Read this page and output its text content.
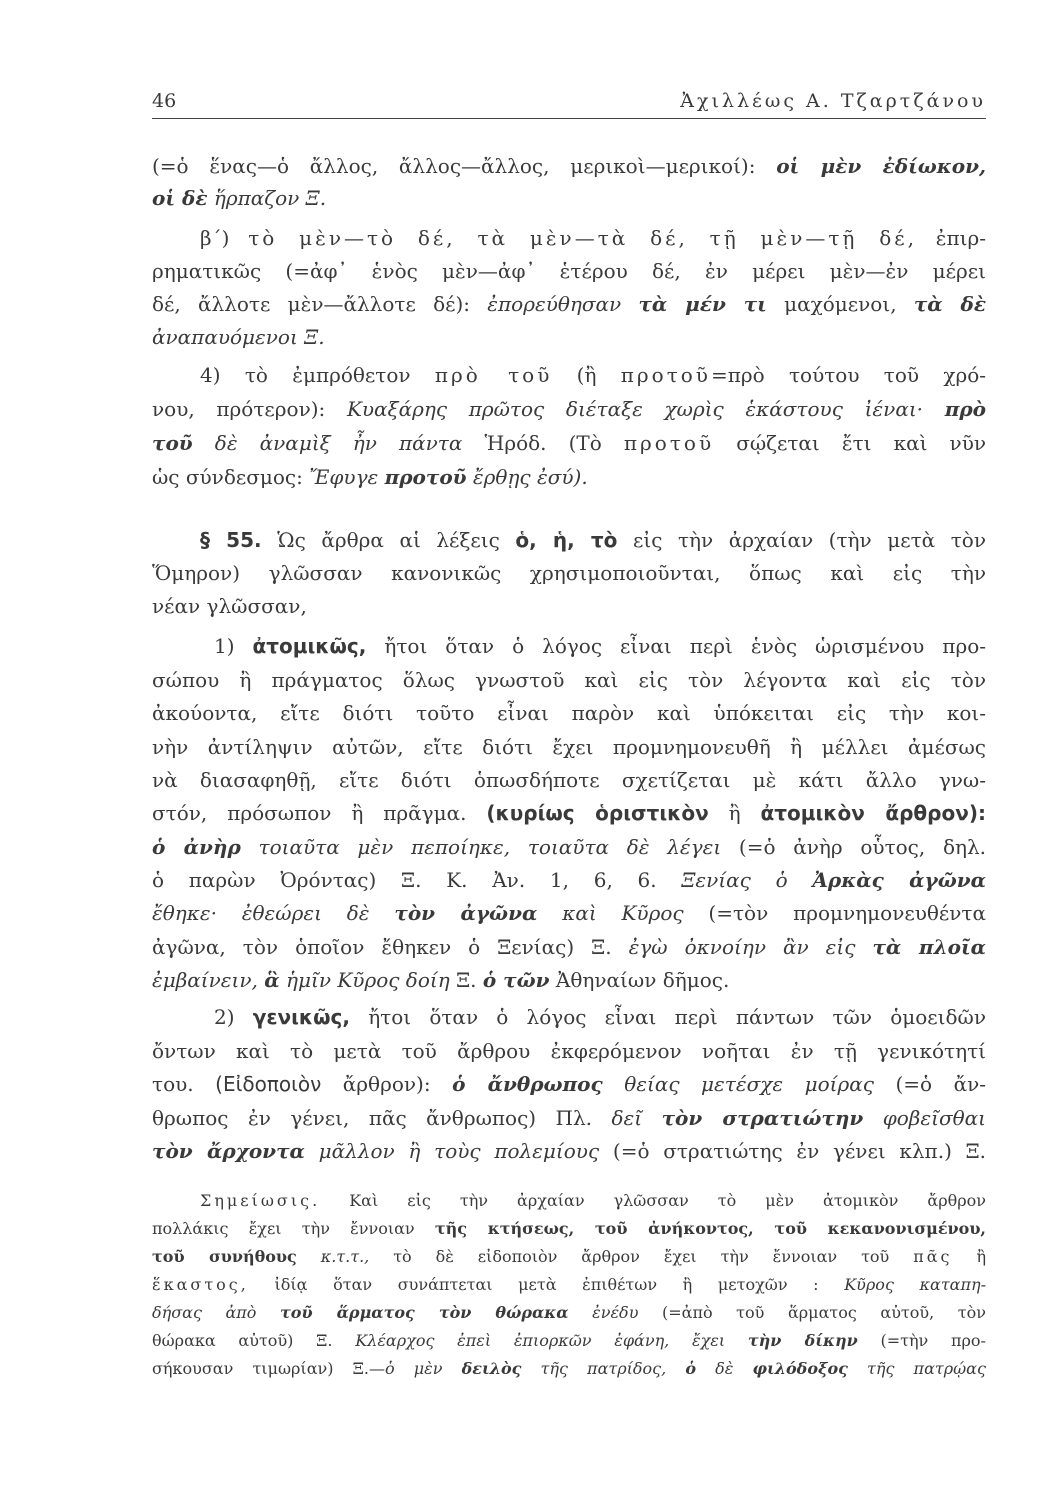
46	Ἀχιλλέως Α. Τζαρτζάνου
(=ὁ ἕνας—ὁ ἄλλος, ἄλλος—ἄλλος, μερικοὶ—μερικοί): οἱ μὲν ἐδίωκον,
οἱ δὲ ἥρπαζον Ξ.
β΄) τὸ μὲν—τὸ δέ, τὰ μὲν—τὰ δέ, τῇ μὲν—τῇ δέ, ἐπιρ-
ρηματικῶς (=ἀφ᾽ ἑνὸς μὲν—ἀφ᾽ ἑτέρου δέ, ἐν μέρει μὲν—ἐν μέρει
δέ, ἄλλοτε μὲν—ἄλλοτε δέ): ἐπορεύθησαν τὰ μέν τι μαχόμενοι, τὰ δὲ
ἀναπαυόμενοι Ξ.
4) τὸ ἐμπρόθετον πρὸ τοῦ (ἢ προτοῦ=πρὸ τούτου τοῦ χρό-
νου, πρότερον): Κυαξάρης πρῶτος διέταξε χωρὶς ἑκάστους ἰέναι· πρὸ
τοῦ δὲ ἀναμὶξ ἦν πάντα Ἡρόδ. (Τὸ προτοῦ σῴζεται ἔτι καὶ νῦν
ὡς σύνδεσμος: Ἔφυγε προτοῦ ἔρθῃς ἐσύ).
§ 55. Ὡς ἄρθρα αἱ λέξεις ὁ, ἡ, τὸ εἰς τὴν ἀρχαίαν (τὴν μετὰ τὸν
Ὅμηρον) γλῶσσαν κανονικῶς χρησιμοποιοῦνται, ὅπως καὶ εἰς τὴν
νέαν γλῶσσαν,
1) ἀτομικῶς, ἤτοι ὅταν ὁ λόγος εἶναι περὶ ἑνὸς ὡρισμένου προ-
σώπου ἢ πράγματος ὅλως γνωστοῦ καὶ εἰς τὸν λέγοντα καὶ εἰς τὸν
ἀκούοντα, εἴτε διότι τοῦτο εἶναι παρὸν καὶ ὑπόκειται εἰς τὴν κοι-
νὴν ἀντίληψιν αὐτῶν, εἴτε διότι ἔχει προμνημονευθῆ ἢ μέλλει ἀμέσως
νὰ διασαφηθῇ, εἴτε διότι ὁπωσδήποτε σχετίζεται μὲ κάτι ἄλλο γνω-
στόν, πρόσωπον ἢ πρᾶγμα. (κυρίως ὁριστικὸν ἢ ἀτομικὸν ἄρθρον):
ὁ ἀνὴρ τοιαῦτα μὲν πεποίηκε, τοιαῦτα δὲ λέγει (=ὁ ἀνὴρ οὗτος, δηλ.
ὁ παρὼν Ὀρόντας) Ξ. Κ. Ἀν. 1, 6, 6. Ξενίας ὁ Ἀρκὰς ἀγῶνα
ἔθηκε· ἐθεώρει δὲ τὸν ἀγῶνα καὶ Κῦρος (=τὸν προμνημονευθέντα
ἀγῶνα, τὸν ὁποῖον ἔθηκεν ὁ Ξενίας) Ξ. ἐγὼ ὀκνοίην ἂν εἰς τὰ πλοῖα
ἐμβαίνειν, ἃ ἡμῖν Κῦρος δοίη Ξ. ὁ τῶν Ἀθηναίων δῆμος.
2) γενικῶς, ἤτοι ὅταν ὁ λόγος εἶναι περὶ πάντων τῶν ὁμοειδῶν
ὄντων καὶ τὸ μετὰ τοῦ ἄρθρου ἐκφερόμενον νοῆται ἐν τῇ γενικότητί
του. (Εἰδοποιὸν ἄρθρον): ὁ ἄνθρωπος θείας μετέσχε μοίρας (=ὁ ἄν-
θρωπος ἐν γένει, πᾶς ἄνθρωπος) Πλ. δεῖ τὸν στρατιώτην φοβεῖσθαι
τὸν ἄρχοντα μᾶλλον ἢ τοὺς πολεμίους (=ὁ στρατιώτης ἐν γένει κλπ.) Ξ.
Σημείωσις. Καὶ εἰς τὴν ἀρχαίαν γλῶσσαν τὸ μὲν ἀτομικὸν ἄρθρον
πολλάκις ἔχει τὴν ἔννοιαν τῆς κτήσεως, τοῦ ἀνήκοντος, τοῦ κεκανονισμένου,
τοῦ συνήθους κ.τ.τ., τὸ δὲ εἰδοποιὸν ἄρθρον ἔχει τὴν ἔννοιαν τοῦ πᾶς ἢ
ἕκαστος, ἰδίᾳ ὅταν συνάπτεται μετὰ ἐπιθέτων ἢ μετοχῶν : Κῦρος καταπη-
δήσας ἀπὸ τοῦ ἅρματος τὸν θώρακα ἐνέδυ (=ἀπὸ τοῦ ἅρματος αὐτοῦ, τὸν
θώρακα αὐτοῦ) Ξ. Κλέαρχος ἐπεὶ ἐπιορκῶν ἐφάνη, ἔχει τὴν δίκην (=τὴν προ-
σήκουσαν τιμωρίαν) Ξ.—ὁ μὲν δειλὸς τῆς πατρίδος, ὁ δὲ φιλόδοξος τῆς πατρῴας
